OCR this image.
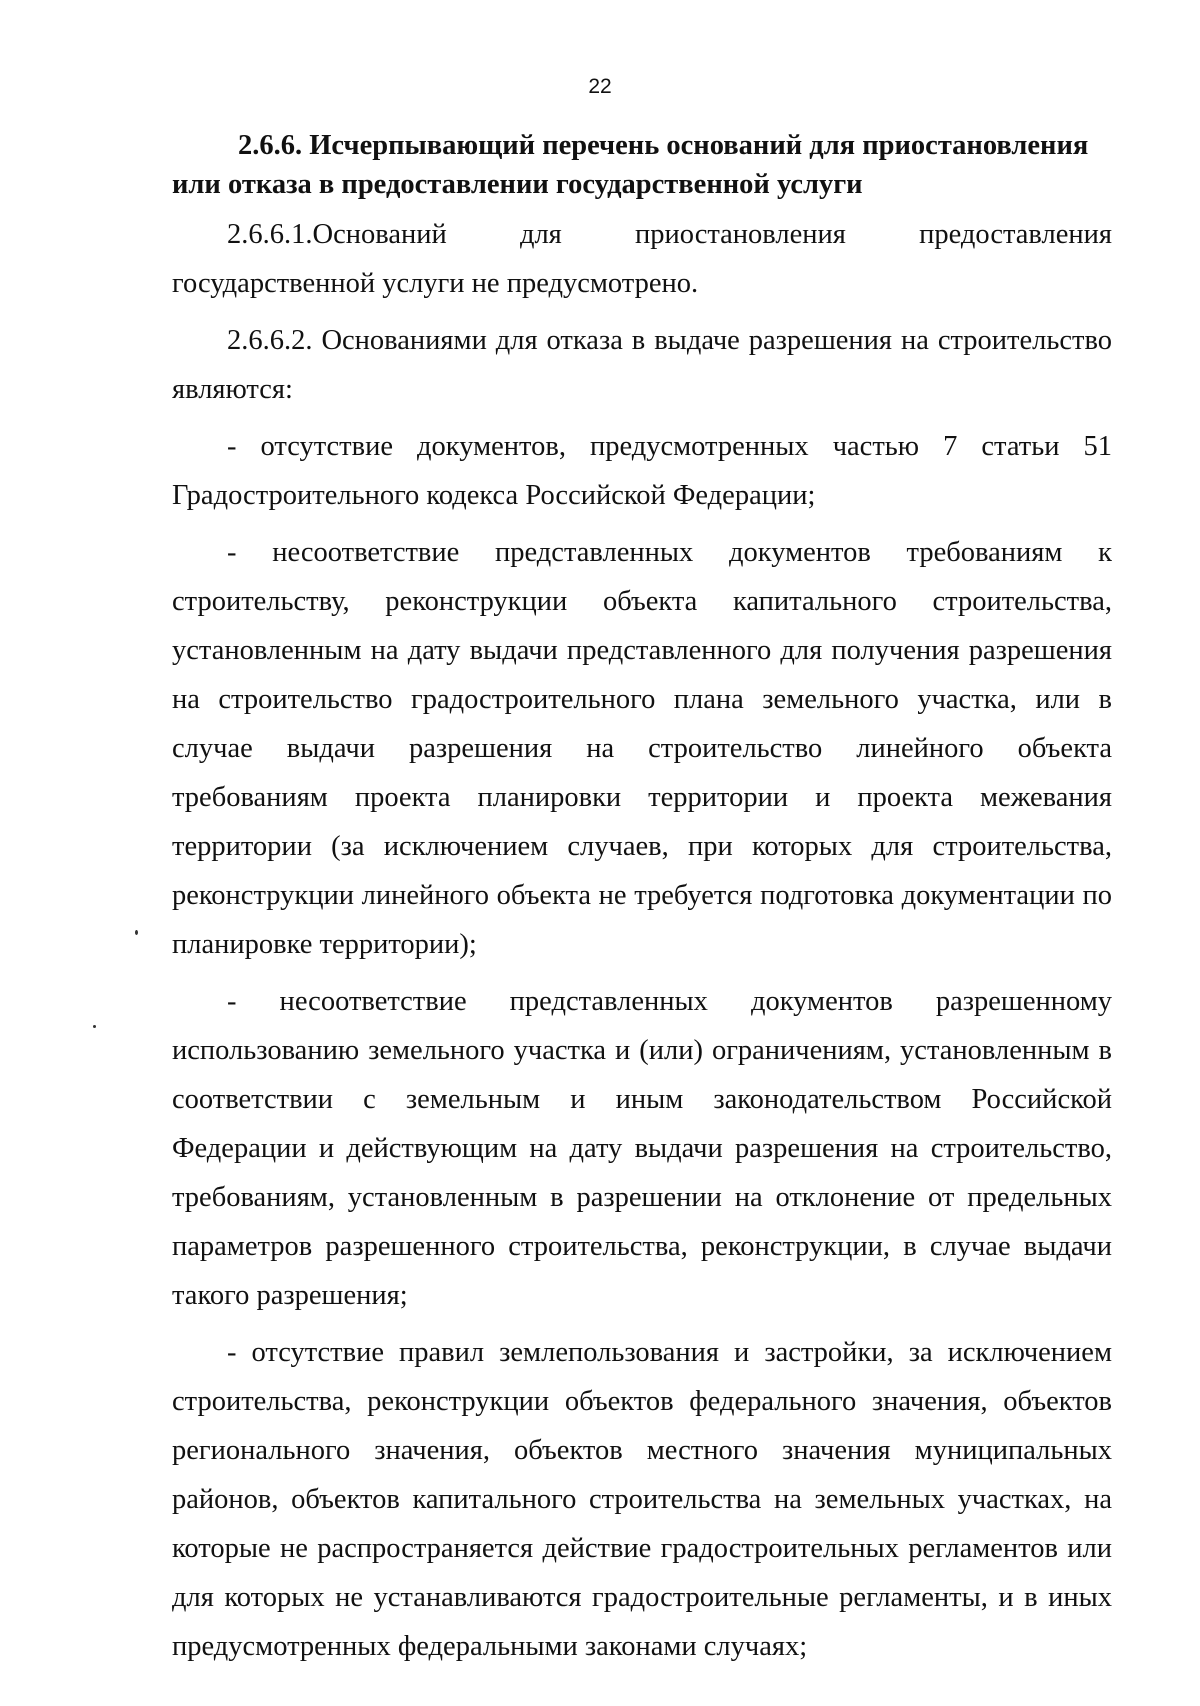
22

2.6.6. Исчерпывающий перечень оснований для приостановления или отказа в предоставлении государственной услуги

2.6.6.1.Оснований для приостановления предоставления государственной услуги не предусмотрено.

2.6.6.2. Основаниями для отказа в выдаче разрешения на строительство являются:

- отсутствие документов, предусмотренных частью 7 статьи 51 Градостроительного кодекса Российской Федерации;

- несоответствие представленных документов требованиям к строительству, реконструкции объекта капитального строительства, установленным на дату выдачи представленного для получения разрешения на строительство градостроительного плана земельного участка, или в случае выдачи разрешения на строительство линейного объекта требованиям проекта планировки территории и проекта межевания территории (за исключением случаев, при которых для строительства, реконструкции линейного объекта не требуется подготовка документации по планировке территории);

- несоответствие представленных документов разрешенному использованию земельного участка и (или) ограничениям, установленным в соответствии с земельным и иным законодательством Российской Федерации и действующим на дату выдачи разрешения на строительство, требованиям, установленным в разрешении на отклонение от предельных параметров разрешенного строительства, реконструкции, в случае выдачи такого разрешения;

- отсутствие правил землепользования и застройки, за исключением строительства, реконструкции объектов федерального значения, объектов регионального значения, объектов местного значения муниципальных районов, объектов капитального строительства на земельных участках, на которые не распространяется действие градостроительных регламентов или для которых не устанавливаются градостроительные регламенты, и в иных предусмотренных федеральными законами случаях;
